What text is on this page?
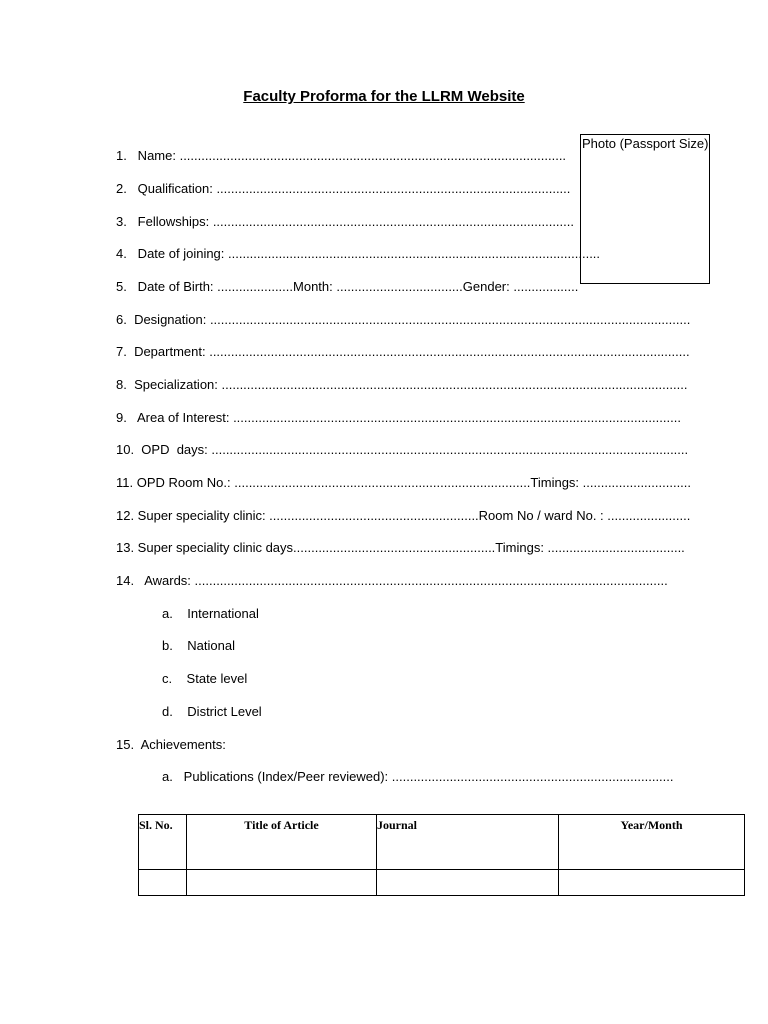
Faculty Proforma for the LLRM Website
Photo (Passport Size)
1.   Name: ...........................................................................................................
2.   Qualification: ..................................................................................................
3.   Fellowships: ....................................................................................................
4.   Date of joining: .......................................................................................................
5.   Date of Birth: .....................Month: ...................................Gender: ..................
6.  Designation: .....................................................................................................................................
7.  Department: .....................................................................................................................................
8.  Specialization: .................................................................................................................................
9.   Area of Interest: ............................................................................................................................
10.  OPD  days: ....................................................................................................................................
11. OPD Room No.: ..................................................................................Timings: ..............................
12. Super speciality clinic: ..........................................................Room No / ward No. : .......................
13. Super speciality clinic days........................................................Timings: ......................................
14.   Awards: ...................................................................................................................................
a.    International
b.    National
c.    State level
d.    District Level
15.  Achievements:
a.   Publications (Index/Peer reviewed): ..............................................................................
Sl. No.	Title of Article	Journal	Year/Month
